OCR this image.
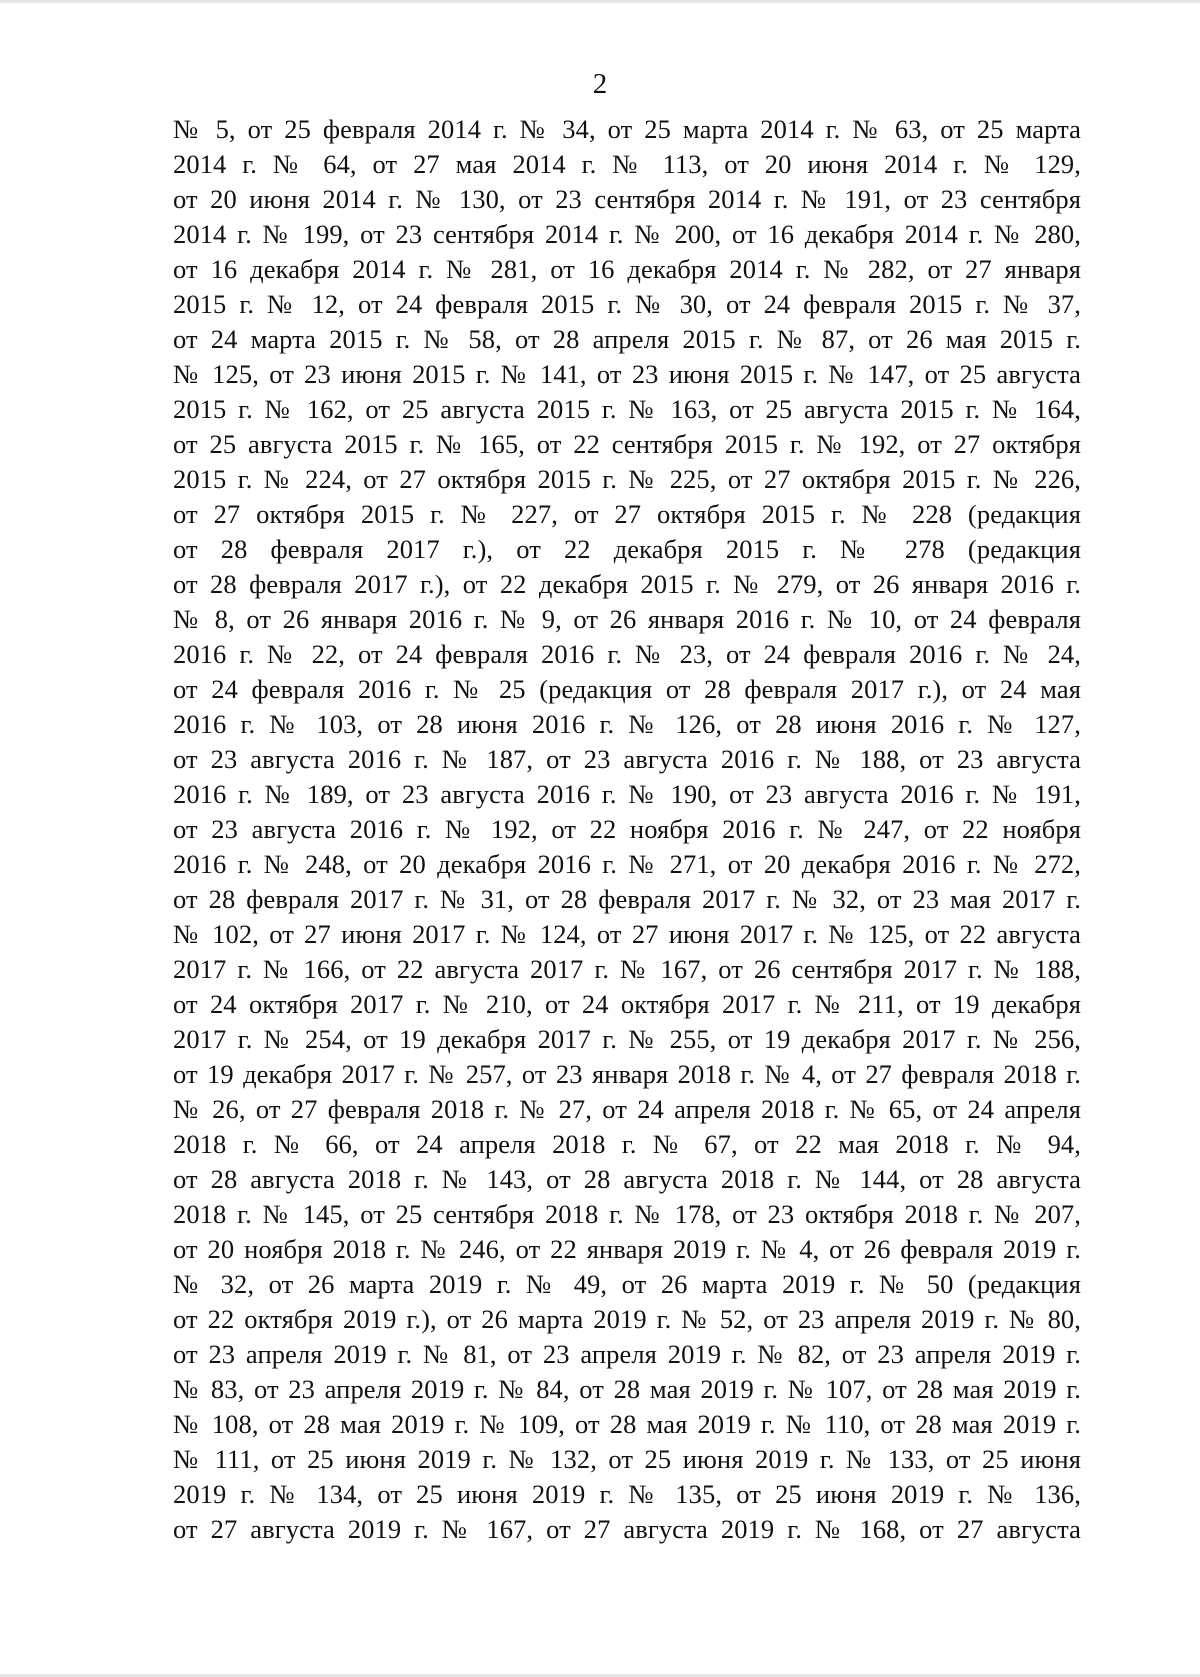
2
№ 5, от 25 февраля 2014 г. № 34, от 25 марта 2014 г. № 63, от 25 марта
2014 г. № 64, от 27 мая 2014 г. № 113, от 20 июня 2014 г. № 129,
от 20 июня 2014 г. № 130, от 23 сентября 2014 г. № 191, от 23 сентября
2014 г. № 199, от 23 сентября 2014 г. № 200, от 16 декабря 2014 г. № 280,
от 16 декабря 2014 г. № 281, от 16 декабря 2014 г. № 282, от 27 января
2015 г. № 12, от 24 февраля 2015 г. № 30, от 24 февраля 2015 г. № 37,
от 24 марта 2015 г. № 58, от 28 апреля 2015 г. № 87, от 26 мая 2015 г.
№ 125, от 23 июня 2015 г. № 141, от 23 июня 2015 г. № 147, от 25 августа
2015 г. № 162, от 25 августа 2015 г. № 163, от 25 августа 2015 г. № 164,
от 25 августа 2015 г. № 165, от 22 сентября 2015 г. № 192, от 27 октября
2015 г. № 224, от 27 октября 2015 г. № 225, от 27 октября 2015 г. № 226,
от 27 октября 2015 г. № 227, от 27 октября 2015 г. № 228 (редакция
от 28 февраля 2017 г.), от 22 декабря 2015 г. № 278 (редакция
от 28 февраля 2017 г.), от 22 декабря 2015 г. № 279, от 26 января 2016 г.
№ 8, от 26 января 2016 г. № 9, от 26 января 2016 г. № 10, от 24 февраля
2016 г. № 22, от 24 февраля 2016 г. № 23, от 24 февраля 2016 г. № 24,
от 24 февраля 2016 г. № 25 (редакция от 28 февраля 2017 г.), от 24 мая
2016 г. № 103, от 28 июня 2016 г. № 126, от 28 июня 2016 г. № 127,
от 23 августа 2016 г. № 187, от 23 августа 2016 г. № 188, от 23 августа
2016 г. № 189, от 23 августа 2016 г. № 190, от 23 августа 2016 г. № 191,
от 23 августа 2016 г. № 192, от 22 ноября 2016 г. № 247, от 22 ноября
2016 г. № 248, от 20 декабря 2016 г. № 271, от 20 декабря 2016 г. № 272,
от 28 февраля 2017 г. № 31, от 28 февраля 2017 г. № 32, от 23 мая 2017 г.
№ 102, от 27 июня 2017 г. № 124, от 27 июня 2017 г. № 125, от 22 августа
2017 г. № 166, от 22 августа 2017 г. № 167, от 26 сентября 2017 г. № 188,
от 24 октября 2017 г. № 210, от 24 октября 2017 г. № 211, от 19 декабря
2017 г. № 254, от 19 декабря 2017 г. № 255, от 19 декабря 2017 г. № 256,
от 19 декабря 2017 г. № 257, от 23 января 2018 г. № 4, от 27 февраля 2018 г.
№ 26, от 27 февраля 2018 г. № 27, от 24 апреля 2018 г. № 65, от 24 апреля
2018 г. № 66, от 24 апреля 2018 г. № 67, от 22 мая 2018 г. № 94,
от 28 августа 2018 г. № 143, от 28 августа 2018 г. № 144, от 28 августа
2018 г. № 145, от 25 сентября 2018 г. № 178, от 23 октября 2018 г. № 207,
от 20 ноября 2018 г. № 246, от 22 января 2019 г. № 4, от 26 февраля 2019 г.
№ 32, от 26 марта 2019 г. № 49, от 26 марта 2019 г. № 50 (редакция
от 22 октября 2019 г.), от 26 марта 2019 г. № 52, от 23 апреля 2019 г. № 80,
от 23 апреля 2019 г. № 81, от 23 апреля 2019 г. № 82, от 23 апреля 2019 г.
№ 83, от 23 апреля 2019 г. № 84, от 28 мая 2019 г. № 107, от 28 мая 2019 г.
№ 108, от 28 мая 2019 г. № 109, от 28 мая 2019 г. № 110, от 28 мая 2019 г.
№ 111, от 25 июня 2019 г. № 132, от 25 июня 2019 г. № 133, от 25 июня
2019 г. № 134, от 25 июня 2019 г. № 135, от 25 июня 2019 г. № 136,
от 27 августа 2019 г. № 167, от 27 августа 2019 г. № 168, от 27 августа
